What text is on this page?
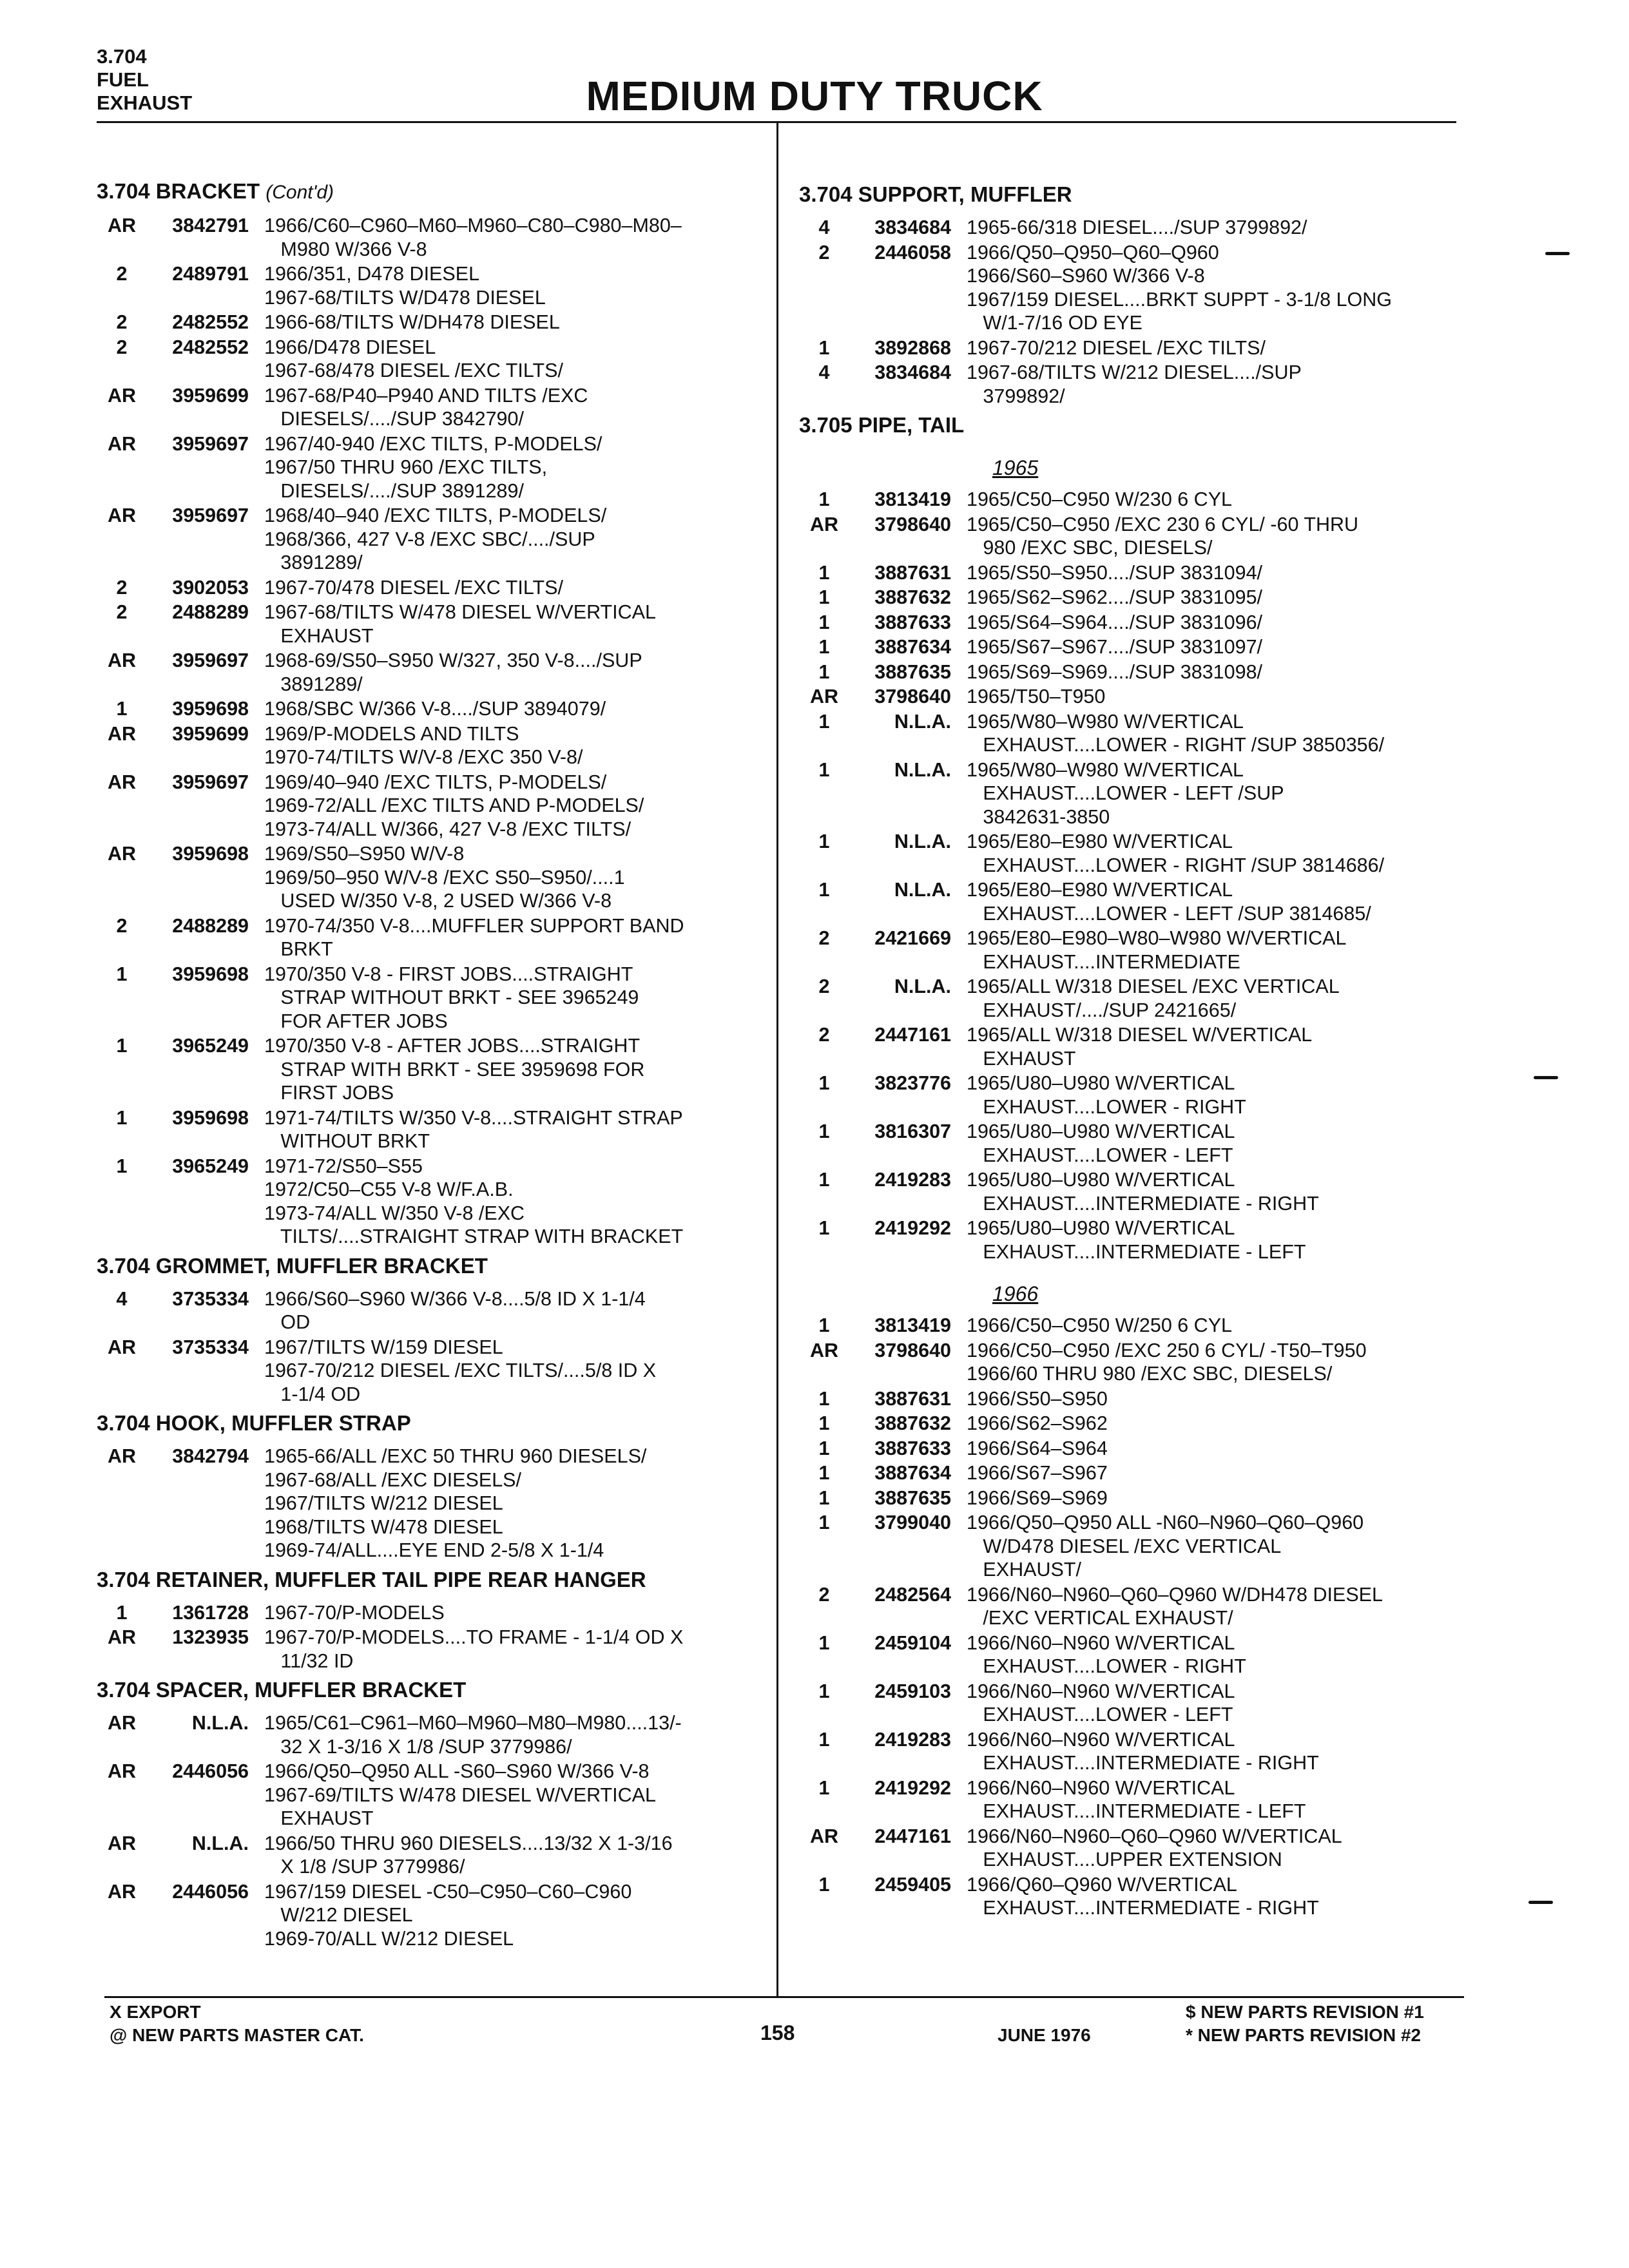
3.704
FUEL
EXHAUST	MEDIUM DUTY TRUCK
3.704 BRACKET (Cont'd)
AR	3842791 1966/C60–C960–M60–M960–C80–C980–M80–
M980 W/366 V-8
2	2489791 1966/351, D478 DIESEL
1967-68/TILTS W/D478 DIESEL
2	2482552 1966-68/TILTS W/DH478 DIESEL
2	2482552 1966/D478 DIESEL
1967-68/478 DIESEL /EXC TILTS/
AR	3959699 1967-68/P40–P940 AND TILTS /EXC
DIESELS/..../SUP 3842790/
AR	3959697 1967/40-940 /EXC TILTS, P-MODELS/
1967/50 THRU 960 /EXC TILTS,
DIESELS/..../SUP 3891289/
AR	3959697 1968/40–940 /EXC TILTS, P-MODELS/
1968/366, 427 V-8 /EXC SBC/..../SUP
3891289/
2	3902053 1967-70/478 DIESEL /EXC TILTS/
2	2488289 1967-68/TILTS W/478 DIESEL W/VERTICAL
EXHAUST
AR	3959697 1968-69/S50–S950 W/327, 350 V-8..../SUP
3891289/
1	3959698 1968/SBC W/366 V-8..../SUP 3894079/
AR	3959699 1969/P-MODELS AND TILTS
1970-74/TILTS W/V-8 /EXC 350 V-8/
AR	3959697 1969/40–940 /EXC TILTS, P-MODELS/
1969-72/ALL /EXC TILTS AND P-MODELS/
1973-74/ALL W/366, 427 V-8 /EXC TILTS/
AR	3959698 1969/S50–S950 W/V-8
1969/50–950 W/V-8 /EXC S50–S950/....1
USED W/350 V-8, 2 USED W/366 V-8
2	2488289 1970-74/350 V-8....MUFFLER SUPPORT BAND
BRKT
1	3959698 1970/350 V-8 - FIRST JOBS....STRAIGHT
STRAP WITHOUT BRKT - SEE 3965249
FOR AFTER JOBS
1	3965249 1970/350 V-8 - AFTER JOBS....STRAIGHT
STRAP WITH BRKT - SEE 3959698 FOR
FIRST JOBS
1	3959698 1971-74/TILTS W/350 V-8....STRAIGHT STRAP
WITHOUT BRKT
1	3965249 1971-72/S50–S55
1972/C50–C55 V-8 W/F.A.B.
1973-74/ALL W/350 V-8 /EXC
TILTS/....STRAIGHT STRAP WITH BRACKET
3.704 GROMMET, MUFFLER BRACKET
4	3735334 1966/S60–S960 W/366 V-8....5/8 ID X 1-1/4
OD
AR	3735334 1967/TILTS W/159 DIESEL
1967-70/212 DIESEL /EXC TILTS/....5/8 ID X
1-1/4 OD
3.704 HOOK, MUFFLER STRAP
AR	3842794 1965-66/ALL /EXC 50 THRU 960 DIESELS/
1967-68/ALL /EXC DIESELS/
1967/TILTS W/212 DIESEL
1968/TILTS W/478 DIESEL
1969-74/ALL....EYE END 2-5/8 X 1-1/4
3.704 RETAINER, MUFFLER TAIL PIPE REAR HANGER
1	1361728 1967-70/P-MODELS
AR	1323935 1967-70/P-MODELS....TO FRAME - 1-1/4 OD X
11/32 ID
3.704 SPACER, MUFFLER BRACKET
AR	N.L.A. 1965/C61–C961–M60–M960–M80–M980....13/-
32 X 1-3/16 X 1/8 /SUP 3779986/
AR	2446056 1966/Q50–Q950 ALL -S60–S960 W/366 V-8
1967-69/TILTS W/478 DIESEL W/VERTICAL
EXHAUST
AR	N.L.A. 1966/50 THRU 960 DIESELS....13/32 X 1-3/16
X 1/8 /SUP 3779986/
AR	2446056 1967/159 DIESEL -C50–C950–C60–C960
W/212 DIESEL
1969-70/ALL W/212 DIESEL
3.704 SUPPORT, MUFFLER
4	3834684 1965-66/318 DIESEL..../SUP 3799892/
2	2446058 1966/Q50–Q950–Q60–Q960
1966/S60–S960 W/366 V-8
1967/159 DIESEL....BRKT SUPPT - 3-1/8 LONG
W/1-7/16 OD EYE
1	3892868 1967-70/212 DIESEL /EXC TILTS/
4	3834684 1967-68/TILTS W/212 DIESEL..../SUP
3799892/
3.705 PIPE, TAIL
1965
1	3813419 1965/C50–C950 W/230 6 CYL
AR	3798640 1965/C50–C950 /EXC 230 6 CYL/ -60 THRU
980 /EXC SBC, DIESELS/
1	3887631 1965/S50–S950..../SUP 3831094/
1	3887632 1965/S62–S962..../SUP 3831095/
1	3887633 1965/S64–S964..../SUP 3831096/
1	3887634 1965/S67–S967..../SUP 3831097/
1	3887635 1965/S69–S969..../SUP 3831098/
AR	3798640 1965/T50–T950
1	N.L.A. 1965/W80–W980 W/VERTICAL
EXHAUST....LOWER - RIGHT /SUP 3850356/
1	N.L.A. 1965/W80–W980 W/VERTICAL
EXHAUST....LOWER - LEFT /SUP
3842631-3850
1	N.L.A. 1965/E80–E980 W/VERTICAL
EXHAUST....LOWER - RIGHT /SUP 3814686/
1	N.L.A. 1965/E80–E980 W/VERTICAL
EXHAUST....LOWER - LEFT /SUP 3814685/
2	2421669 1965/E80–E980–W80–W980 W/VERTICAL
EXHAUST....INTERMEDIATE
2	N.L.A. 1965/ALL W/318 DIESEL /EXC VERTICAL
EXHAUST/..../SUP 2421665/
2	2447161 1965/ALL W/318 DIESEL W/VERTICAL
EXHAUST
1	3823776 1965/U80–U980 W/VERTICAL
EXHAUST....LOWER - RIGHT
1	3816307 1965/U80–U980 W/VERTICAL
EXHAUST....LOWER - LEFT
1	2419283 1965/U80–U980 W/VERTICAL
EXHAUST....INTERMEDIATE - RIGHT
1	2419292 1965/U80–U980 W/VERTICAL
EXHAUST....INTERMEDIATE - LEFT
1966
1	3813419 1966/C50–C950 W/250 6 CYL
AR	3798640 1966/C50–C950 /EXC 250 6 CYL/ -T50–T950
1966/60 THRU 980 /EXC SBC, DIESELS/
1	3887631 1966/S50–S950
1	3887632 1966/S62–S962
1	3887633 1966/S64–S964
1	3887634 1966/S67–S967
1	3887635 1966/S69–S969
1	3799040 1966/Q50–Q950 ALL -N60–N960–Q60–Q960
W/D478 DIESEL /EXC VERTICAL
EXHAUST/
2	2482564 1966/N60–N960–Q60–Q960 W/DH478 DIESEL
/EXC VERTICAL EXHAUST/
1	2459104 1966/N60–N960 W/VERTICAL
EXHAUST....LOWER - RIGHT
1	2459103 1966/N60–N960 W/VERTICAL
EXHAUST....LOWER - LEFT
1	2419283 1966/N60–N960 W/VERTICAL
EXHAUST....INTERMEDIATE - RIGHT
1	2419292 1966/N60–N960 W/VERTICAL
EXHAUST....INTERMEDIATE - LEFT
AR	2447161 1966/N60–N960–Q60–Q960 W/VERTICAL
EXHAUST....UPPER EXTENSION
1	2459405 1966/Q60–Q960 W/VERTICAL
EXHAUST....INTERMEDIATE - RIGHT
X EXPORT
@ NEW PARTS MASTER CAT.	158	JUNE 1976
$ NEW PARTS REVISION #1
* NEW PARTS REVISION #2
